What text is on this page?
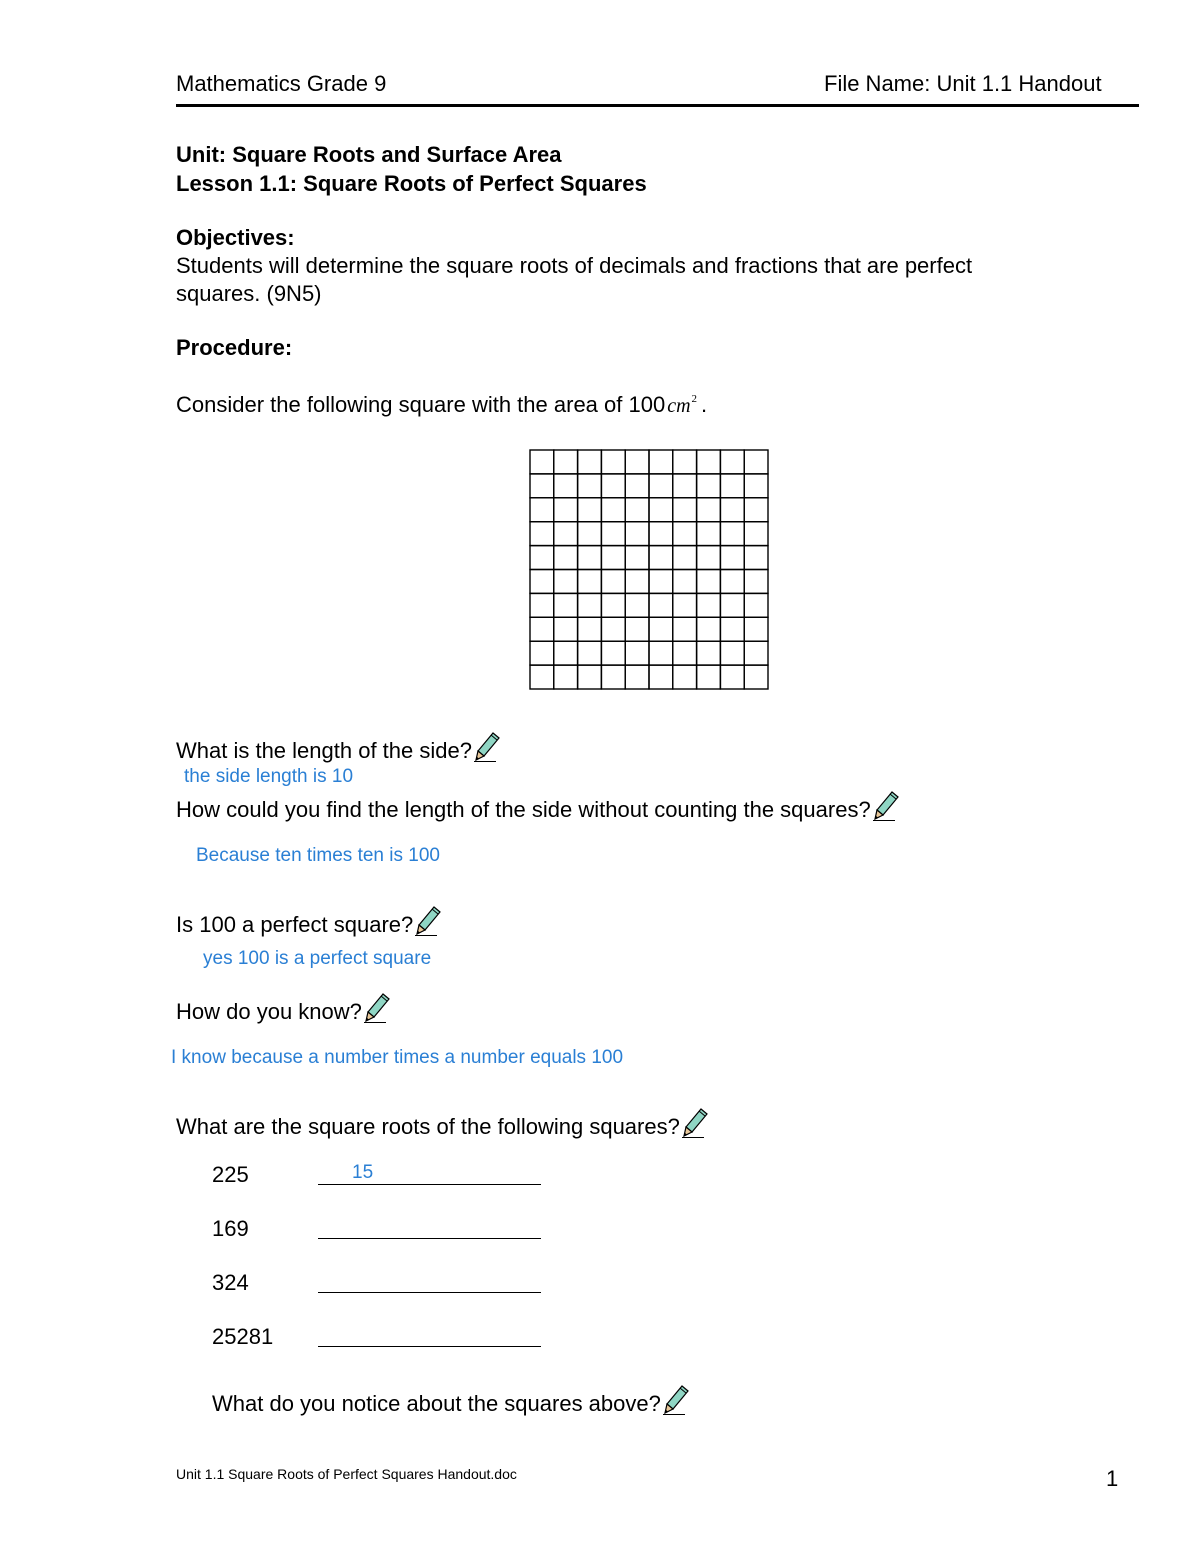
Mathematics Grade 9	File Name: Unit 1.1 Handout
Unit: Square Roots and Surface Area
Lesson 1.1: Square Roots of Perfect Squares
Objectives:
Students will determine the square roots of decimals and fractions that are perfect
squares. (9N5)
Procedure:
Consider the following square with the area of 100 $cm^2$ .
What is the length of the side?
the side length is 10
How could you find the length of the side without counting the squares?
Because ten times ten is 100
Is 100 a perfect square?
yes 100 is a perfect square
How do you know?
I know because a number times a number equals 100
What are the square roots of the following squares?
225	15
169
324
25281
What do you notice about the squares above?
Unit 1.1 Square Roots of Perfect Squares Handout.doc	1
